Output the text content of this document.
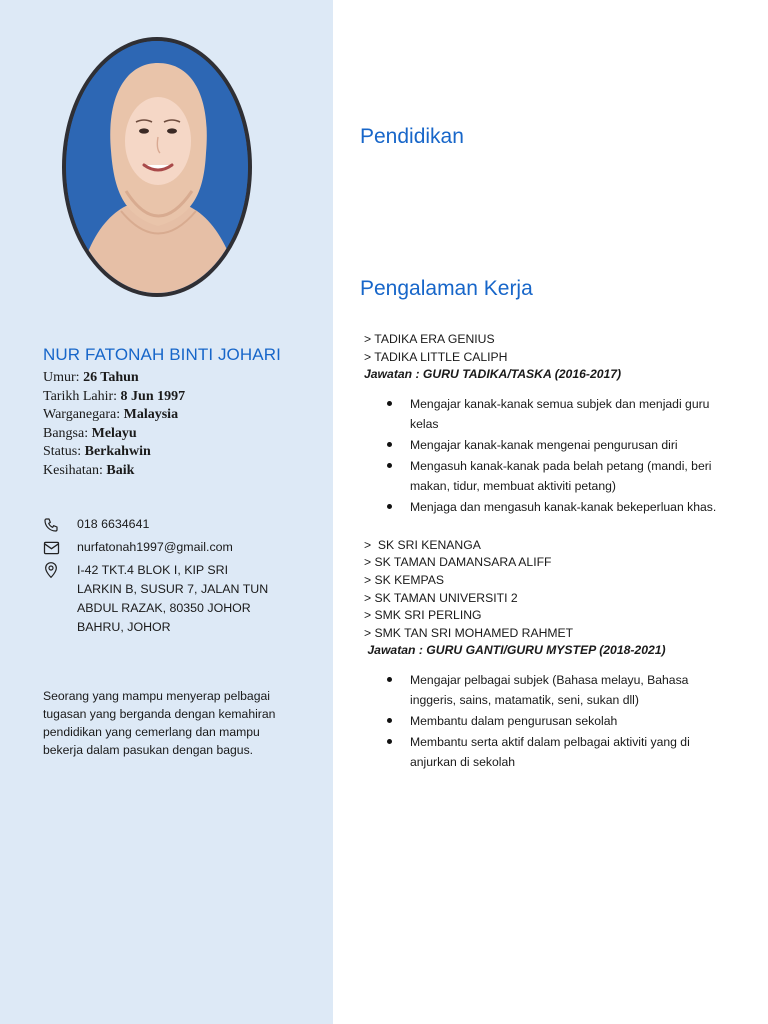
NUR FATONAH BINTI JOHARI
Umur: 26 Tahun
Tarikh Lahir: 8 Jun 1997
Warganegara: Malaysia
Bangsa: Melayu
Status: Berkahwin
Kesihatan: Baik
018 6634641
nurfatonah1997@gmail.com
I-42 TKT.4 BLOK I, KIP SRI LARKIN B, SUSUR 7, JALAN TUN ABDUL RAZAK, 80350 JOHOR BAHRU, JOHOR

Seorang yang mampu menyerap pelbagai tugasan yang berganda dengan kemahiran pendidikan yang cemerlang dan mampu bekerja dalam pasukan dengan bagus.

Pendidikan
Pengalaman Kerja
> TADIKA ERA GENIUS
> TADIKA LITTLE CALIPH
Jawatan : GURU TADIKA/TASKA (2016-2017)
Mengajar kanak-kanak semua subjek dan menjadi guru kelas
Mengajar kanak-kanak mengenai pengurusan diri
Mengasuh kanak-kanak pada belah petang (mandi, beri makan, tidur, membuat aktiviti petang)
Menjaga dan mengasuh kanak-kanak bekeperluan khas.
>  SK SRI KENANGA
> SK TAMAN DAMANSARA ALIFF
> SK KEMPAS
> SK TAMAN UNIVERSITI 2
> SMK SRI PERLING
> SMK TAN SRI MOHAMED RAHMET
Jawatan : GURU GANTI/GURU MYSTEP (2018-2021)
Mengajar pelbagai subjek (Bahasa melayu, Bahasa inggeris, sains, matamatik, seni, sukan dll)
Membantu dalam pengurusan sekolah
Membantu serta aktif dalam pelbagai aktiviti yang di anjurkan di sekolah
